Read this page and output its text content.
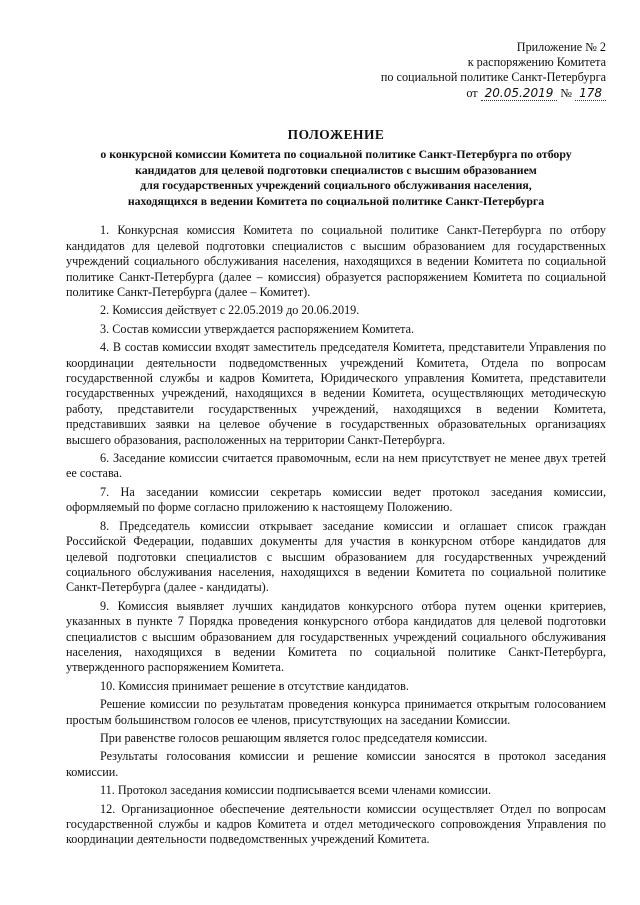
Приложение № 2
к распоряжению Комитета
по социальной политике Санкт-Петербурга
от 20.05.2019 № 178
ПОЛОЖЕНИЕ
о конкурсной комиссии Комитета по социальной политике Санкт-Петербурга по отбору
кандидатов для целевой подготовки специалистов с высшим образованием
для государственных учреждений социального обслуживания населения,
находящихся в ведении Комитета по социальной политике Санкт-Петербурга

1. Конкурсная комиссия Комитета по социальной политике Санкт-Петербурга по отбору кандидатов для целевой подготовки специалистов с высшим образованием для государственных учреждений социального обслуживания населения, находящихся в ведении Комитета по социальной политике Санкт-Петербурга (далее – комиссия) образуется распоряжением Комитета по социальной политике Санкт-Петербурга (далее – Комитет).

2. Комиссия действует с 22.05.2019 до 20.06.2019.

3. Состав комиссии утверждается распоряжением Комитета.

4. В состав комиссии входят заместитель председателя Комитета, представители Управления по координации деятельности подведомственных учреждений Комитета, Отдела по вопросам государственной службы и кадров Комитета, Юридического управления Комитета, представители государственных учреждений, находящихся в ведении Комитета, осуществляющих методическую работу, представители государственных учреждений, находящихся в ведении Комитета, представивших заявки на целевое обучение в государственных образовательных организациях высшего образования, расположенных на территории Санкт-Петербурга.

6. Заседание комиссии считается правомочным, если на нем присутствует не менее двух третей ее состава.

7. На заседании комиссии секретарь комиссии ведет протокол заседания комиссии, оформляемый по форме согласно приложению к настоящему Положению.

8. Председатель комиссии открывает заседание комиссии и оглашает список граждан Российской Федерации, подавших документы для участия в конкурсном отборе кандидатов для целевой подготовки специалистов с высшим образованием для государственных учреждений социального обслуживания населения, находящихся в ведении Комитета по социальной политике Санкт-Петербурга (далее - кандидаты).

9. Комиссия выявляет лучших кандидатов конкурсного отбора путем оценки критериев, указанных в пункте 7 Порядка проведения конкурсного отбора кандидатов для целевой подготовки специалистов с высшим образованием для государственных учреждений социального обслуживания населения, находящихся в ведении Комитета по социальной политике Санкт-Петербурга, утвержденного распоряжением Комитета.

10. Комиссия принимает решение в отсутствие кандидатов.

Решение комиссии по результатам проведения конкурса принимается открытым голосованием простым большинством голосов ее членов, присутствующих на заседании Комиссии.

При равенстве голосов решающим является голос председателя комиссии.

Результаты голосования комиссии и решение комиссии заносятся в протокол заседания комиссии.

11. Протокол заседания комиссии подписывается всеми членами комиссии.

12. Организационное обеспечение деятельности комиссии осуществляет Отдел по вопросам государственной службы и кадров Комитета и отдел методического сопровождения Управления по координации деятельности подведомственных учреждений Комитета.
